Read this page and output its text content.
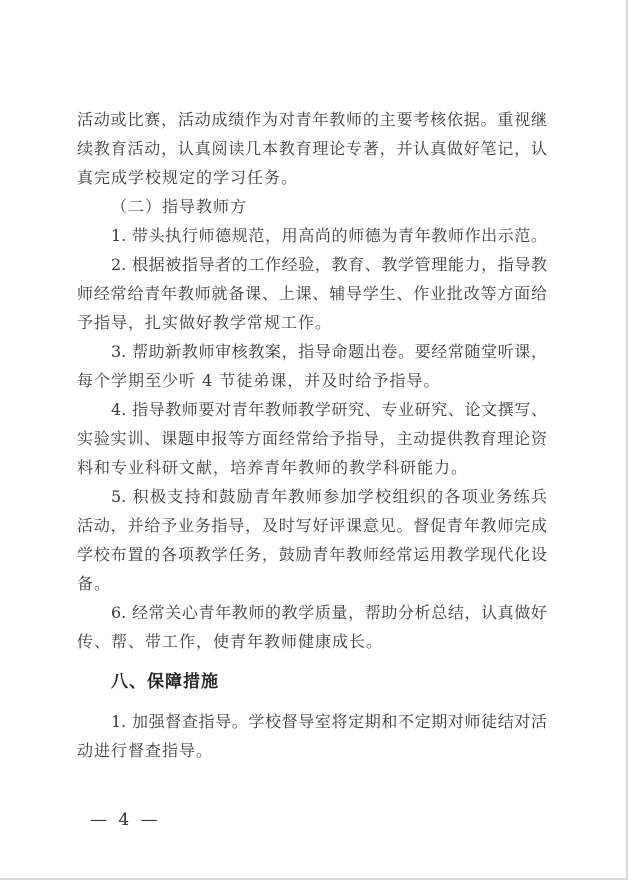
活动或比赛，活动成绩作为对青年教师的主要考核依据。重视继
续教育活动，认真阅读几本教育理论专著，并认真做好笔记，认
真完成学校规定的学习任务。
（二）指导教师方
1. 带头执行师德规范，用高尚的师德为青年教师作出示范。
2. 根据被指导者的工作经验，教育、教学管理能力，指导教
师经常给青年教师就备课、上课、辅导学生、作业批改等方面给
予指导，扎实做好教学常规工作。
3. 帮助新教师审核教案，指导命题出卷。要经常随堂听课，
每个学期至少听 4 节徒弟课，并及时给予指导。
4. 指导教师要对青年教师教学研究、专业研究、论文撰写、
实验实训、课题申报等方面经常给予指导，主动提供教育理论资
料和专业科研文献，培养青年教师的教学科研能力。
5. 积极支持和鼓励青年教师参加学校组织的各项业务练兵
活动，并给予业务指导，及时写好评课意见。督促青年教师完成
学校布置的各项教学任务，鼓励青年教师经常运用教学现代化设
备。
6. 经常关心青年教师的教学质量，帮助分析总结，认真做好
传、帮、带工作，使青年教师健康成长。
八、保障措施
1. 加强督查指导。学校督导室将定期和不定期对师徒结对活
动进行督查指导。
— 4 —
